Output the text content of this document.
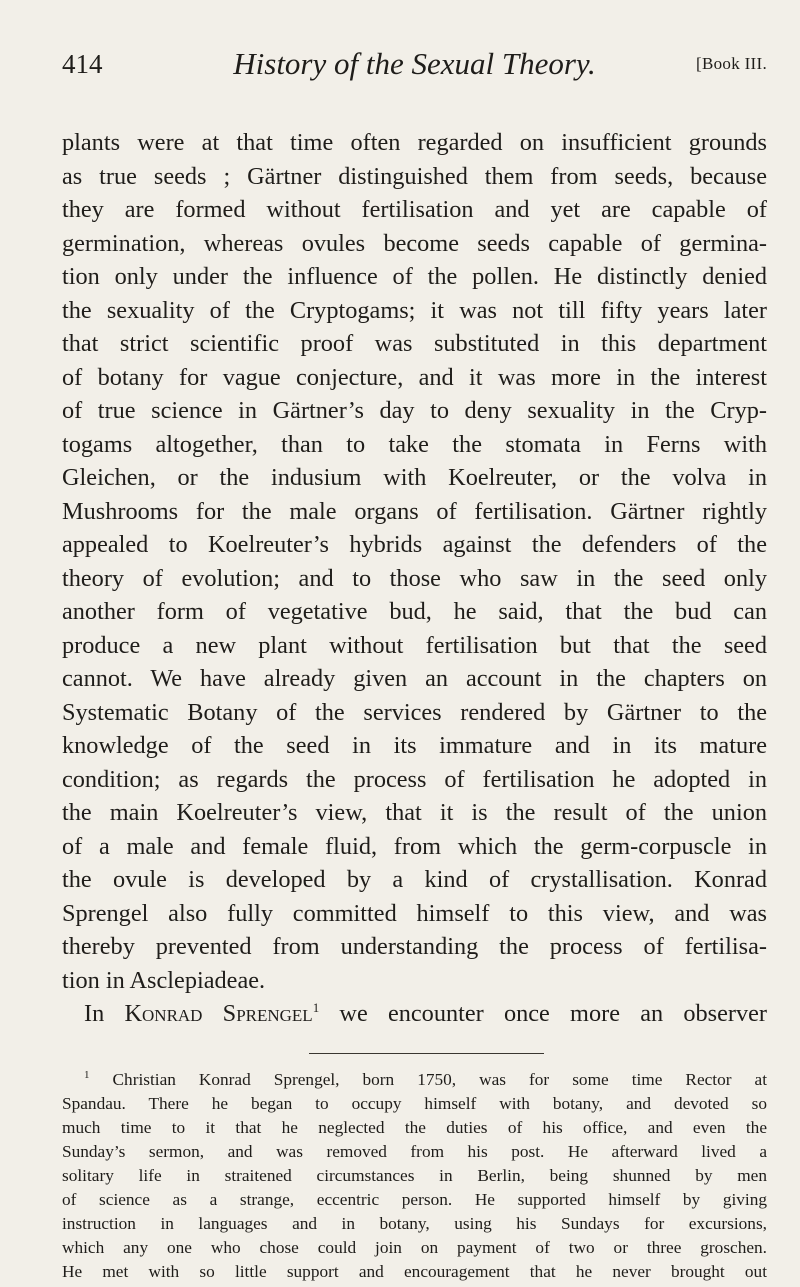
414	History of the Sexual Theory.	[Book III.
plants were at that time often regarded on insufficient grounds
as true seeds ; Gärtner distinguished them from seeds, because
they are formed without fertilisation and yet are capable of
germination, whereas ovules become seeds capable of germina-
tion only under the influence of the pollen. He distinctly denied
the sexuality of the Cryptogams; it was not till fifty years later
that strict scientific proof was substituted in this department
of botany for vague conjecture, and it was more in the interest
of true science in Gärtner’s day to deny sexuality in the Cryp-
togams altogether, than to take the stomata in Ferns with
Gleichen, or the indusium with Koelreuter, or the volva in
Mushrooms for the male organs of fertilisation. Gärtner rightly
appealed to Koelreuter’s hybrids against the defenders of the
theory of evolution; and to those who saw in the seed only
another form of vegetative bud, he said, that the bud can
produce a new plant without fertilisation but that the seed
cannot. We have already given an account in the chapters on
Systematic Botany of the services rendered by Gärtner to the
knowledge of the seed in its immature and in its mature
condition; as regards the process of fertilisation he adopted in
the main Koelreuter’s view, that it is the result of the union
of a male and female fluid, from which the germ-corpuscle in
the ovule is developed by a kind of crystallisation. Konrad
Sprengel also fully committed himself to this view, and was
thereby prevented from understanding the process of fertilisa-
tion in Asclepiadeae.
In Konrad Sprengel$^1$ we encounter once more an observer
$^1$ Christian Konrad Sprengel, born 1750, was for some time Rector at
Spandau. There he began to occupy himself with botany, and devoted so
much time to it that he neglected the duties of his office, and even the
Sunday’s sermon, and was removed from his post. He afterward lived a
solitary life in straitened circumstances in Berlin, being shunned by men
of science as a strange, eccentric person. He supported himself by giving
instruction in languages and in botany, using his Sundays for excursions,
which any one who chose could join on payment of two or three groschen.
He met with so little support and encouragement that he never brought out
